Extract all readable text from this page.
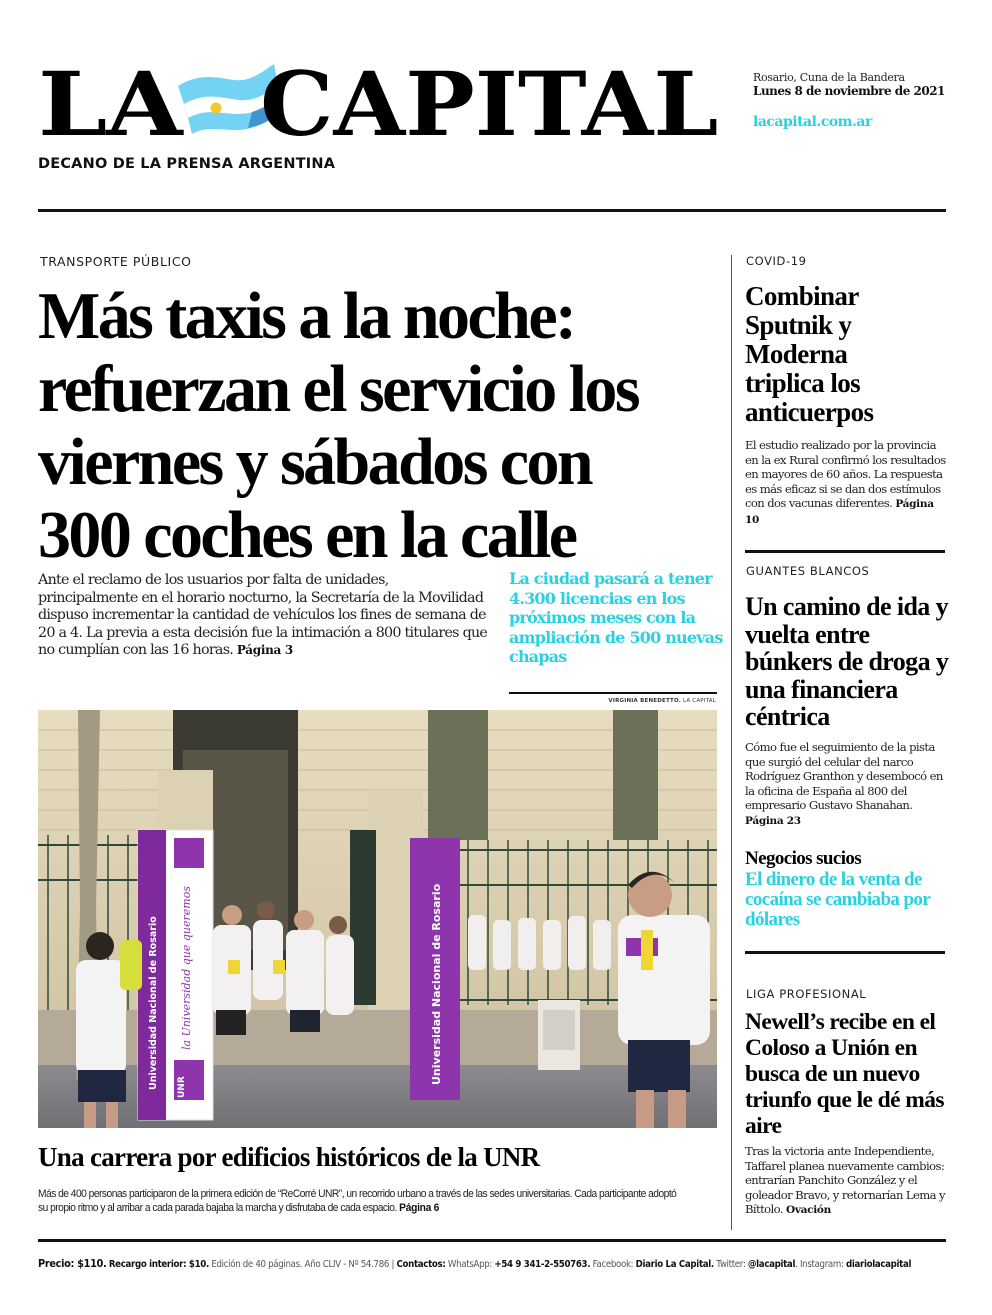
LA CAPITAL
DECANO DE LA PRENSA ARGENTINA
Rosario, Cuna de la Bandera
Lunes 8 de noviembre de 2021
lacapital.com.ar
TRANSPORTE PÚBLICO
Más taxis a la noche:
refuerzan el servicio los
viernes y sábados con
300 coches en la calle

Ante el reclamo de los usuarios por falta de unidades, principalmente en el horario nocturno, la Secretaría de la Movilidad dispuso incrementar la cantidad de vehículos los fines de semana de 20 a 4. La previa a esta decisión fue la intimación a 800 titulares que no cumplían con las 16 horas. Página 3

La ciudad pasará a tener 4.300 licencias en los próximos meses con la ampliación de 500 nuevas chapas

VIRGINIA BENEDETTO. LA CAPITAL
Universidad Nacional de Rosario la Universidad que queremos
UNR
Universidad Nacional de Rosario
Una carrera por edificios históricos de la UNR

Más de 400 personas participaron de la primera edición de “ReCorré UNR”, un recorrido urbano a través de las sedes universitarias. Cada participante adoptó su propio ritmo y al arribar a cada parada bajaba la marcha y disfrutaba de cada espacio. Página 6

COVID-19
Combinar Sputnik y Moderna triplica los anticuerpos

El estudio realizado por la provincia en la ex Rural confirmó los resultados en mayores de 60 años. La respuesta es más eficaz si se dan dos estímulos con dos vacunas diferentes. Página 10

GUANTES BLANCOS
Un camino de ida y vuelta entre búnkers de droga y una financiera céntrica

Cómo fue el seguimiento de la pista que surgió del celular del narco Rodríguez Granthon y desembocó en la oficina de España al 800 del empresario Gustavo Shanahan. Página 23

Negocios sucios
El dinero de la venta de cocaína se cambiaba por dólares
LIGA PROFESIONAL
Newell’s recibe en el Coloso a Unión en busca de un nuevo triunfo que le dé más aire

Tras la victoria ante Independiente, Taffarel planea nuevamente cambios: entrarían Panchito González y el goleador Bravo, y retornarían Lema y Bíttolo. Ovación

Precio: $110. Recargo interior: $10. Edición de 40 páginas. Año CLIV - Nº 54.786 | Contactos: WhatsApp: +54 9 341-2-550763. Facebook: Diario La Capital. Twitter: @lacapital. Instagram: diariolacapital
